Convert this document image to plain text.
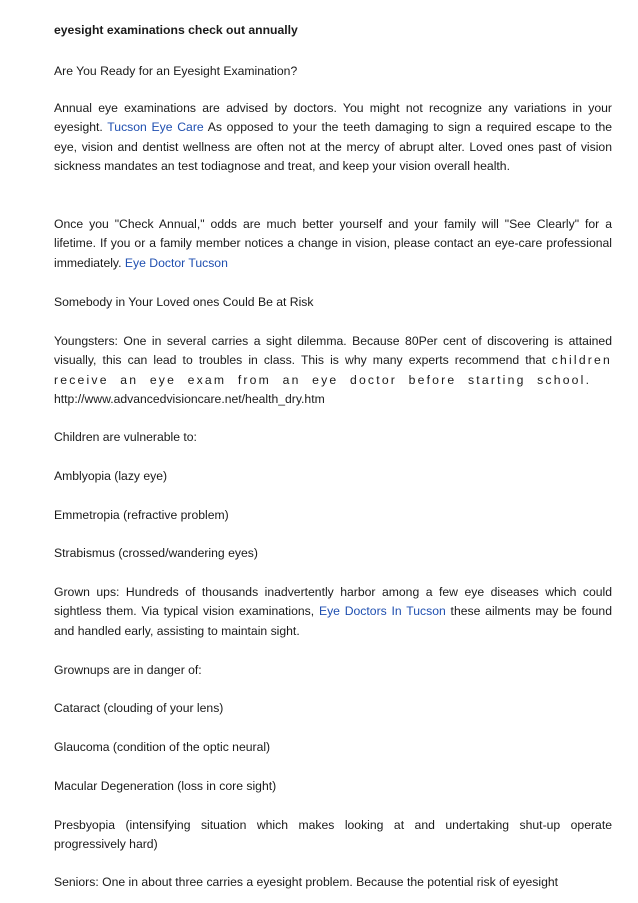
eyesight examinations check out annually

Are You Ready for an Eyesight Examination?

Annual eye examinations are advised by doctors. You might not recognize any variations in your eyesight. Tucson Eye Care As opposed to your the teeth damaging to sign a required escape to the eye, vision and dentist wellness are often not at the mercy of abrupt alter. Loved ones past of vision sickness mandates an test todiagnose and treat, and keep your vision overall health.

Once you "Check Annual," odds are much better yourself and your family will "See Clearly" for a lifetime. If you or a family member notices a change in vision, please contact an eye-care professional immediately. Eye Doctor Tucson

Somebody in Your Loved ones Could Be at Risk

Youngsters: One in several carries a sight dilemma. Because 80Per cent of discovering is attained visually, this can lead to troubles in class. This is why many experts recommend that children receive an eye exam from an eye doctor before starting school.
http://www.advancedvisioncare.net/health_dry.htm

Children are vulnerable to:

Amblyopia (lazy eye)

Emmetropia (refractive problem)

Strabismus (crossed/wandering eyes)

Grown ups: Hundreds of thousands inadvertently harbor among a few eye diseases which could sightless them. Via typical vision examinations, Eye Doctors In Tucson these ailments may be found and handled early, assisting to maintain sight.

Grownups are in danger of:

Cataract (clouding of your lens)

Glaucoma (condition of the optic neural)

Macular Degeneration (loss in core sight)

Presbyopia (intensifying situation which makes looking at and undertaking shut-up operate progressively hard)

Seniors: One in about three carries a eyesight problem. Because the potential risk of eyesight
